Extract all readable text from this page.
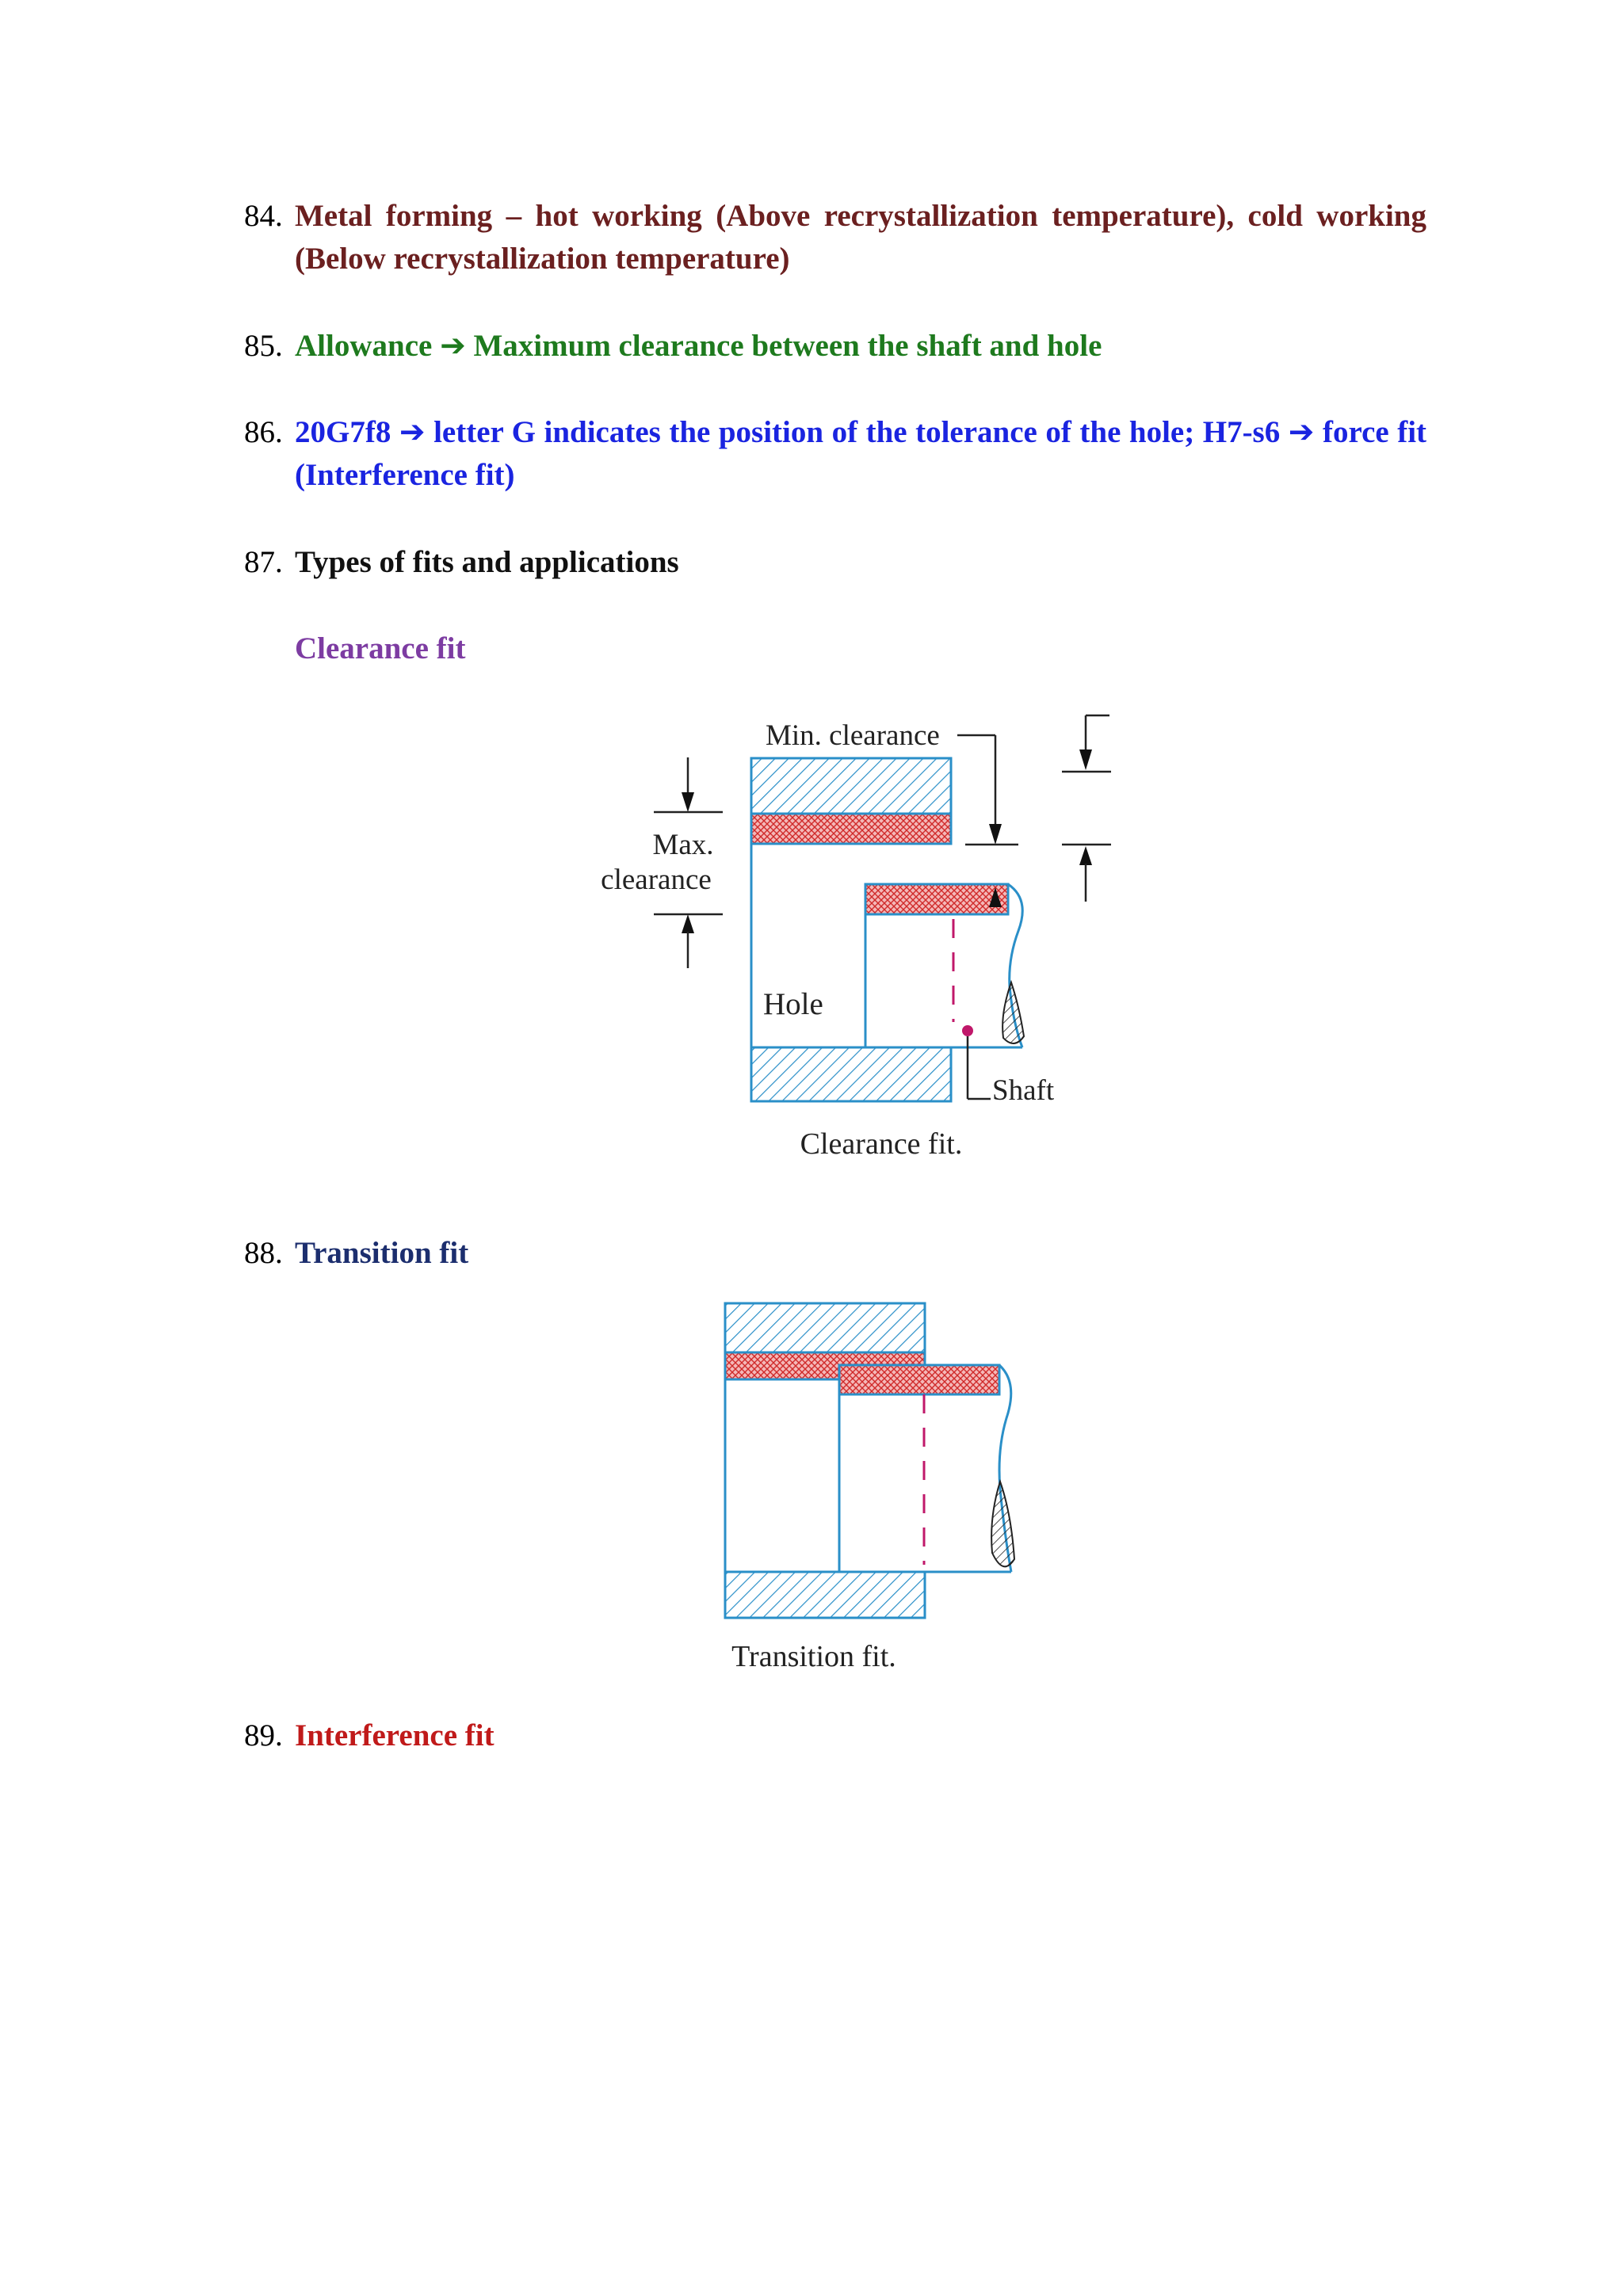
84. Metal forming – hot working (Above recrystallization temperature), cold working (Below recrystallization temperature)
85. Allowance ➔ Maximum clearance between the shaft and hole
86. 20G7f8 ➔ letter G indicates the position of the tolerance of the hole; H7-s6 ➔ force fit (Interference fit)
87. Types of fits and applications
Clearance fit
Min. clearance
Max.
clearance
Hole
Shaft
Clearance fit.
88. Transition fit
Transition fit.
89. Interference fit
